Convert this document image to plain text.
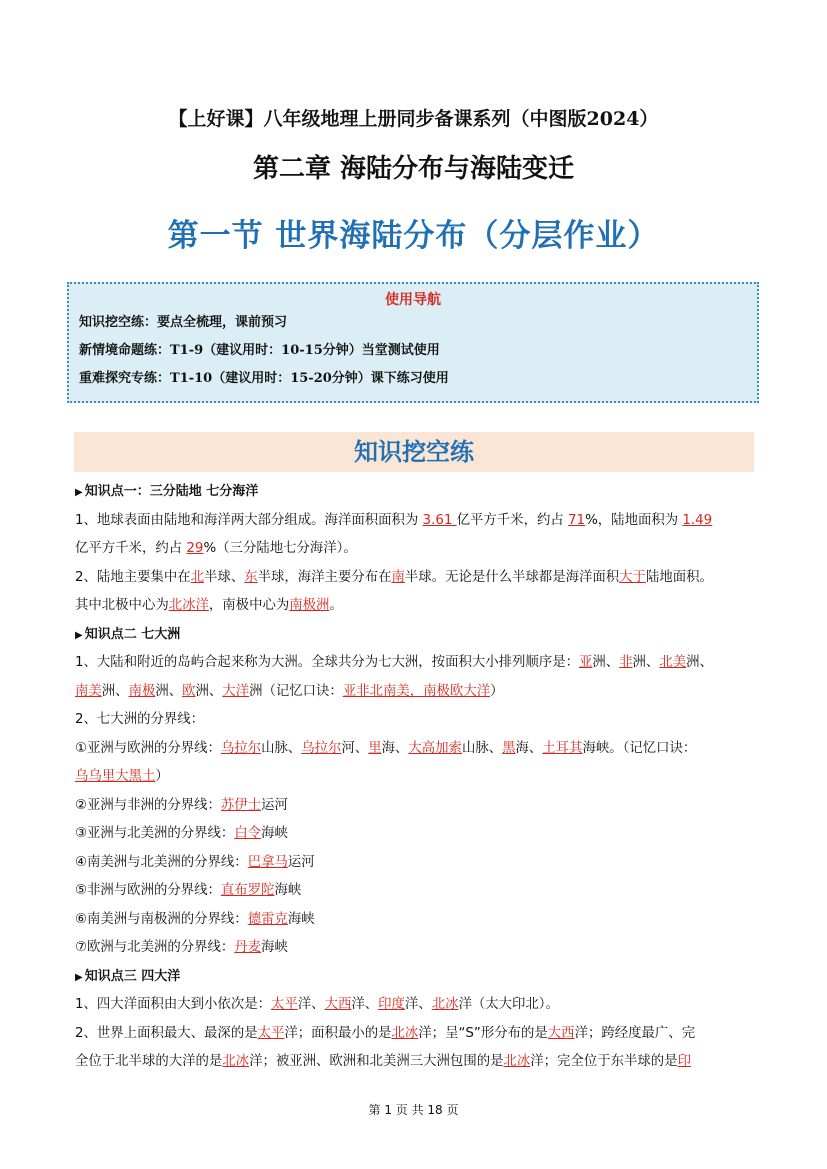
【上好课】八年级地理上册同步备课系列（中图版2024）
第二章 海陆分布与海陆变迁
第一节 世界海陆分布（分层作业）
使用导航
知识挖空练：要点全梳理，课前预习
新情境命题练：T1-9（建议用时：10-15分钟）当堂测试使用
重难探究专练：T1-10（建议用时：15-20分钟）课下练习使用
知识挖空练
▶ 知识点一：三分陆地 七分海洋
1、地球表面由陆地和海洋两大部分组成。海洋面积面积为 3.61 亿平方千米，约占 71%，陆地面积为 1.49
亿平方千米，约占 29%（三分陆地七分海洋）。
2、陆地主要集中在北半球、东半球，海洋主要分布在南半球。无论是什么半球都是海洋面积大于陆地面积。
其中北极中心为北冰洋，南极中心为南极洲。
▶ 知识点二 七大洲
1、大陆和附近的岛屿合起来称为大洲。全球共分为七大洲，按面积大小排列顺序是：亚洲、非洲、北美洲、
南美洲、南极洲、欧洲、大洋洲（记忆口诀：亚非北南美，南极欧大洋）
2、七大洲的分界线：
①亚洲与欧洲的分界线：乌拉尔山脉、乌拉尔河、里海、大高加索山脉、黑海、土耳其海峡。（记忆口诀：
乌乌里大黑土）
②亚洲与非洲的分界线：苏伊士运河
③亚洲与北美洲的分界线：白令海峡
④南美洲与北美洲的分界线：巴拿马运河
⑤非洲与欧洲的分界线：直布罗陀海峡
⑥南美洲与南极洲的分界线：德雷克海峡
⑦欧洲与北美洲的分界线：丹麦海峡
▶ 知识点三 四大洋
1、四大洋面积由大到小依次是：太平洋、大西洋、印度洋、北冰洋（太大印北）。
2、世界上面积最大、最深的是太平洋；面积最小的是北冰洋；呈“S”形分布的是大西洋；跨经度最广、完
全位于北半球的大洋的是北冰洋；被亚洲、欧洲和北美洲三大洲包围的是北冰洋；完全位于东半球的是印
第 1 页 共 18 页
